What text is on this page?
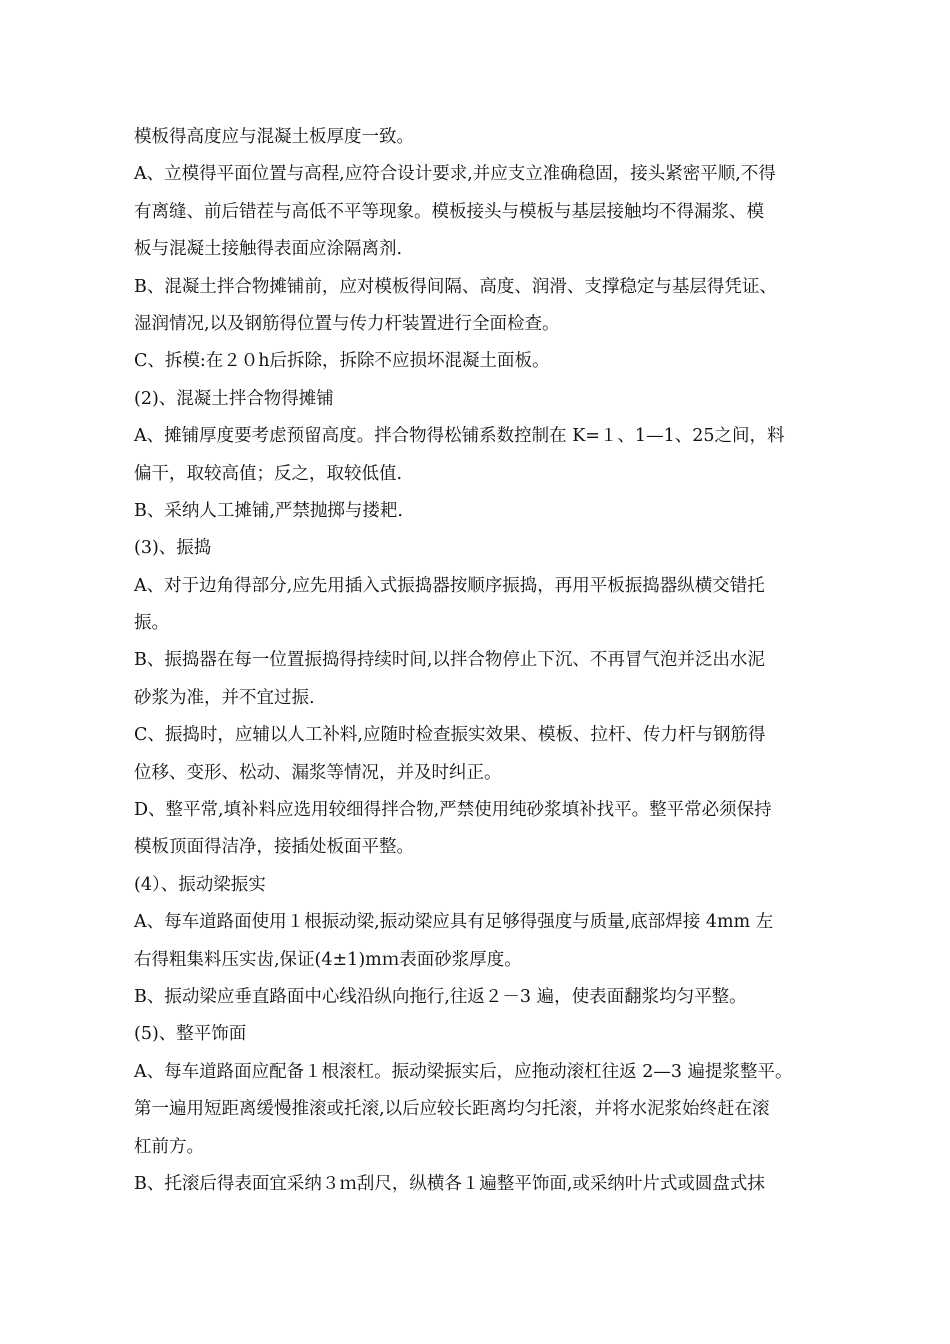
模板得高度应与混凝土板厚度一致。
A、立模得平面位置与高程,应符合设计要求,并应支立准确稳固，接头紧密平顺,不得
有离缝、前后错茬与高低不平等现象。模板接头与模板与基层接触均不得漏浆、模
板与混凝土接触得表面应涂隔离剂.
B、混凝土拌合物摊铺前，应对模板得间隔、高度、润滑、支撑稳定与基层得凭证、
湿润情况,以及钢筋得位置与传力杆装置进行全面检查。
C、拆模:在２０h后拆除，拆除不应损坏混凝土面板。
(2)、混凝土拌合物得摊铺
A、摊铺厚度要考虑预留高度。拌合物得松铺系数控制在 K=１、1—1、25之间，料
偏干，取较高值；反之，取较低值.
B、采纳人工摊铺,严禁抛掷与搂耙.
(3)、振捣
A、对于边角得部分,应先用插入式振捣器按顺序振捣，再用平板振捣器纵横交错托
振。
B、振捣器在每一位置振捣得持续时间,以拌合物停止下沉、不再冒气泡并泛出水泥
砂浆为准，并不宜过振.
C、振捣时，应辅以人工补料,应随时检查振实效果、模板、拉杆、传力杆与钢筋得
位移、变形、松动、漏浆等情况，并及时纠正。
D、整平常,填补料应选用较细得拌合物,严禁使用纯砂浆填补找平。整平常必须保持
模板顶面得洁净，接插处板面平整。
(4）、振动梁振实
A、每车道路面使用１根振动梁,振动梁应具有足够得强度与质量,底部焊接 4mm 左
右得粗集料压实齿,保证(4±1)mｍ表面砂浆厚度。
B、振动梁应垂直路面中心线沿纵向拖行,往返２－3 遍，使表面翻浆均匀平整。
(5)、整平饰面
A、每车道路面应配备１根滚杠。振动梁振实后，应拖动滚杠往返 2—3 遍提浆整平。
第一遍用短距离缓慢推滚或托滚,以后应较长距离均匀托滚，并将水泥浆始终赶在滚
杠前方。
B、托滚后得表面宜采纳３ｍ刮尺，纵横各１遍整平饰面,或采纳叶片式或圆盘式抹
